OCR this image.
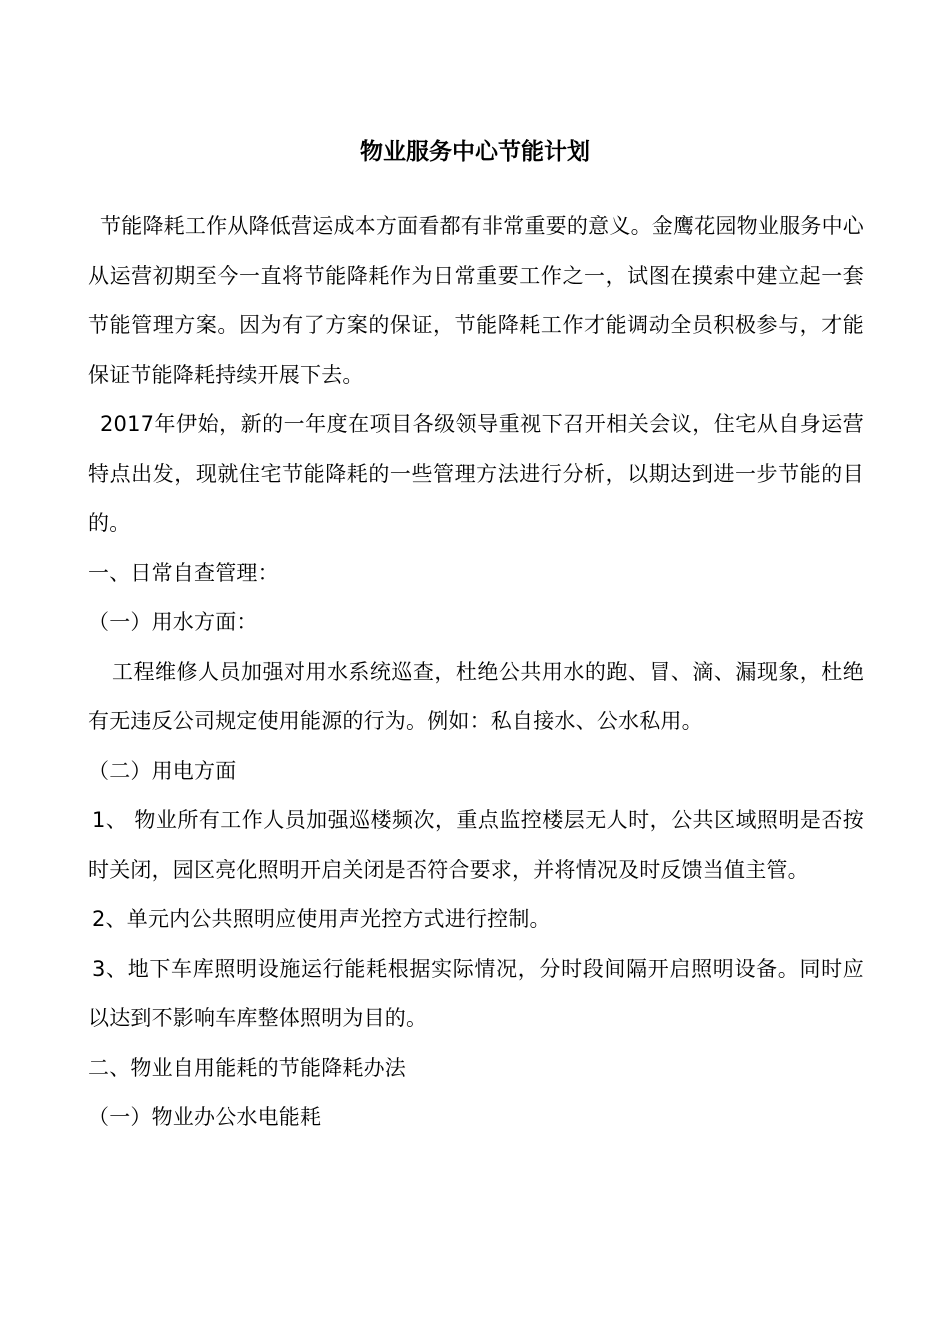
物业服务中心节能计划

节能降耗工作从降低营运成本方面看都有非常重要的意义。金鹰花园物业服务中心从运营初期至今一直将节能降耗作为日常重要工作之一，试图在摸索中建立起一套节能管理方案。因为有了方案的保证，节能降耗工作才能调动全员积极参与，才能保证节能降耗持续开展下去。

2017年伊始，新的一年度在项目各级领导重视下召开相关会议，住宅从自身运营特点出发，现就住宅节能降耗的一些管理方法进行分析，以期达到进一步节能的目的。

一、日常自查管理：

（一）用水方面：

工程维修人员加强对用水系统巡查，杜绝公共用水的跑、冒、滴、漏现象，杜绝有无违反公司规定使用能源的行为。例如：私自接水、公水私用。

（二）用电方面

1、 物业所有工作人员加强巡楼频次，重点监控楼层无人时，公共区域照明是否按时关闭，园区亮化照明开启关闭是否符合要求，并将情况及时反馈当值主管。

2、单元内公共照明应使用声光控方式进行控制。

3、地下车库照明设施运行能耗根据实际情况，分时段间隔开启照明设备。同时应以达到不影响车库整体照明为目的。

二、物业自用能耗的节能降耗办法

（一）物业办公水电能耗
